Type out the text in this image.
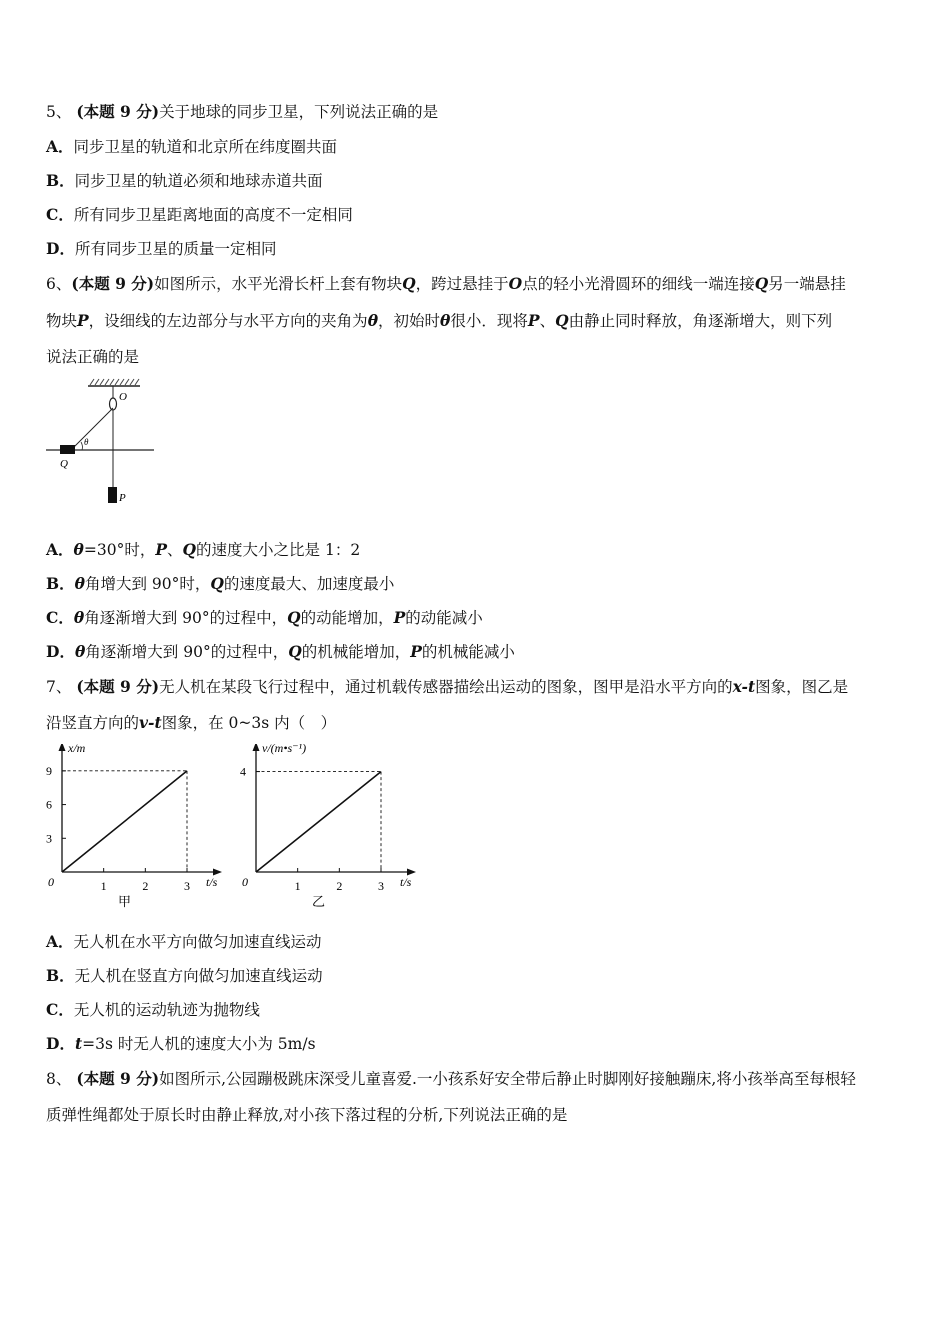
5、 (本题 9 分)关于地球的同步卫星，下列说法正确的是
A．同步卫星的轨道和北京所在纬度圈共面
B．同步卫星的轨道必须和地球赤道共面
C．所有同步卫星距离地面的高度不一定相同
D．所有同步卫星的质量一定相同
6、(本题 9 分)如图所示，水平光滑长杆上套有物块Q，跨过悬挂于O点的轻小光滑圆环的细线一端连接Q另一端悬挂
物块P，设细线的左边部分与水平方向的夹角为θ，初始时θ很小．现将P、Q由静止同时释放，角逐渐增大，则下列
说法正确的是
O
Q
θ
P
A．θ=30°时，P、Q的速度大小之比是 1：2
B．θ角增大到 90°时，Q的速度最大、加速度最小
C．θ角逐渐增大到 90°的过程中，Q的动能增加，P的动能减小
D．θ角逐渐增大到 90°的过程中，Q的机械能增加，P的机械能减小
7、 (本题 9 分)无人机在某段飞行过程中，通过机载传感器描绘出运动的图象，图甲是沿水平方向的x-t图象，图乙是
沿竖直方向的v-t图象，在 0~3s 内（　）
x/m
t/s
0	1	2	3
3
6
9
甲
v/(m•s⁻¹)
t/s
0	1	2	3
4
乙
A．无人机在水平方向做匀加速直线运动
B．无人机在竖直方向做匀加速直线运动
C．无人机的运动轨迹为抛物线
D．t=3s 时无人机的速度大小为 5m/s
8、 (本题 9 分)如图所示,公园蹦极跳床深受儿童喜爱.一小孩系好安全带后静止时脚刚好接触蹦床,将小孩举高至每根轻
质弹性绳都处于原长时由静止释放,对小孩下落过程的分析,下列说法正确的是
